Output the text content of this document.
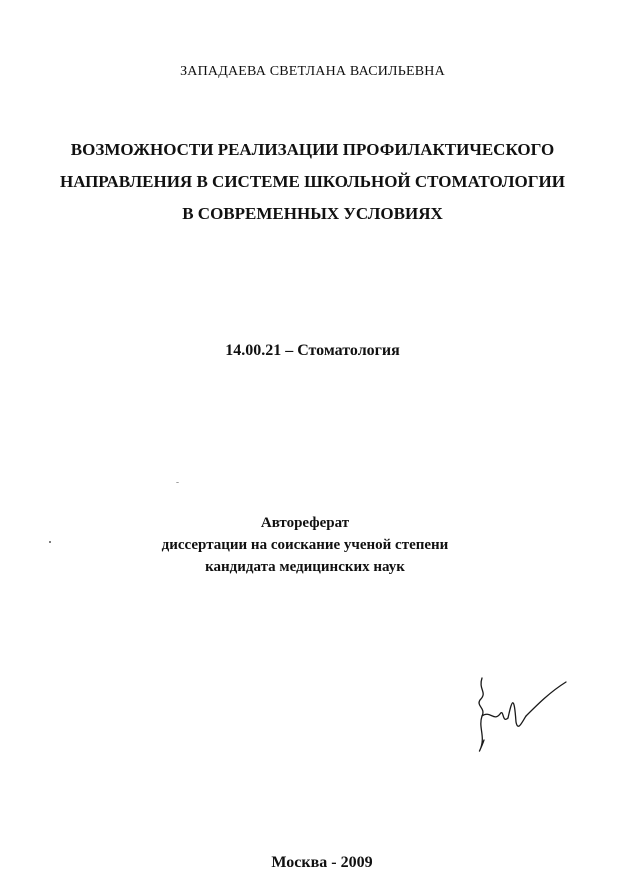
ЗАПАДАЕВА СВЕТЛАНА ВАСИЛЬЕВНА
ВОЗМОЖНОСТИ РЕАЛИЗАЦИИ ПРОФИЛАКТИЧЕСКОГО
НАПРАВЛЕНИЯ В СИСТЕМЕ ШКОЛЬНОЙ СТОМАТОЛОГИИ
В СОВРЕМЕННЫХ УСЛОВИЯХ
14.00.21 – Стоматология
Автореферат
диссертации на соискание ученой степени
кандидата медицинских наук
Москва - 2009
